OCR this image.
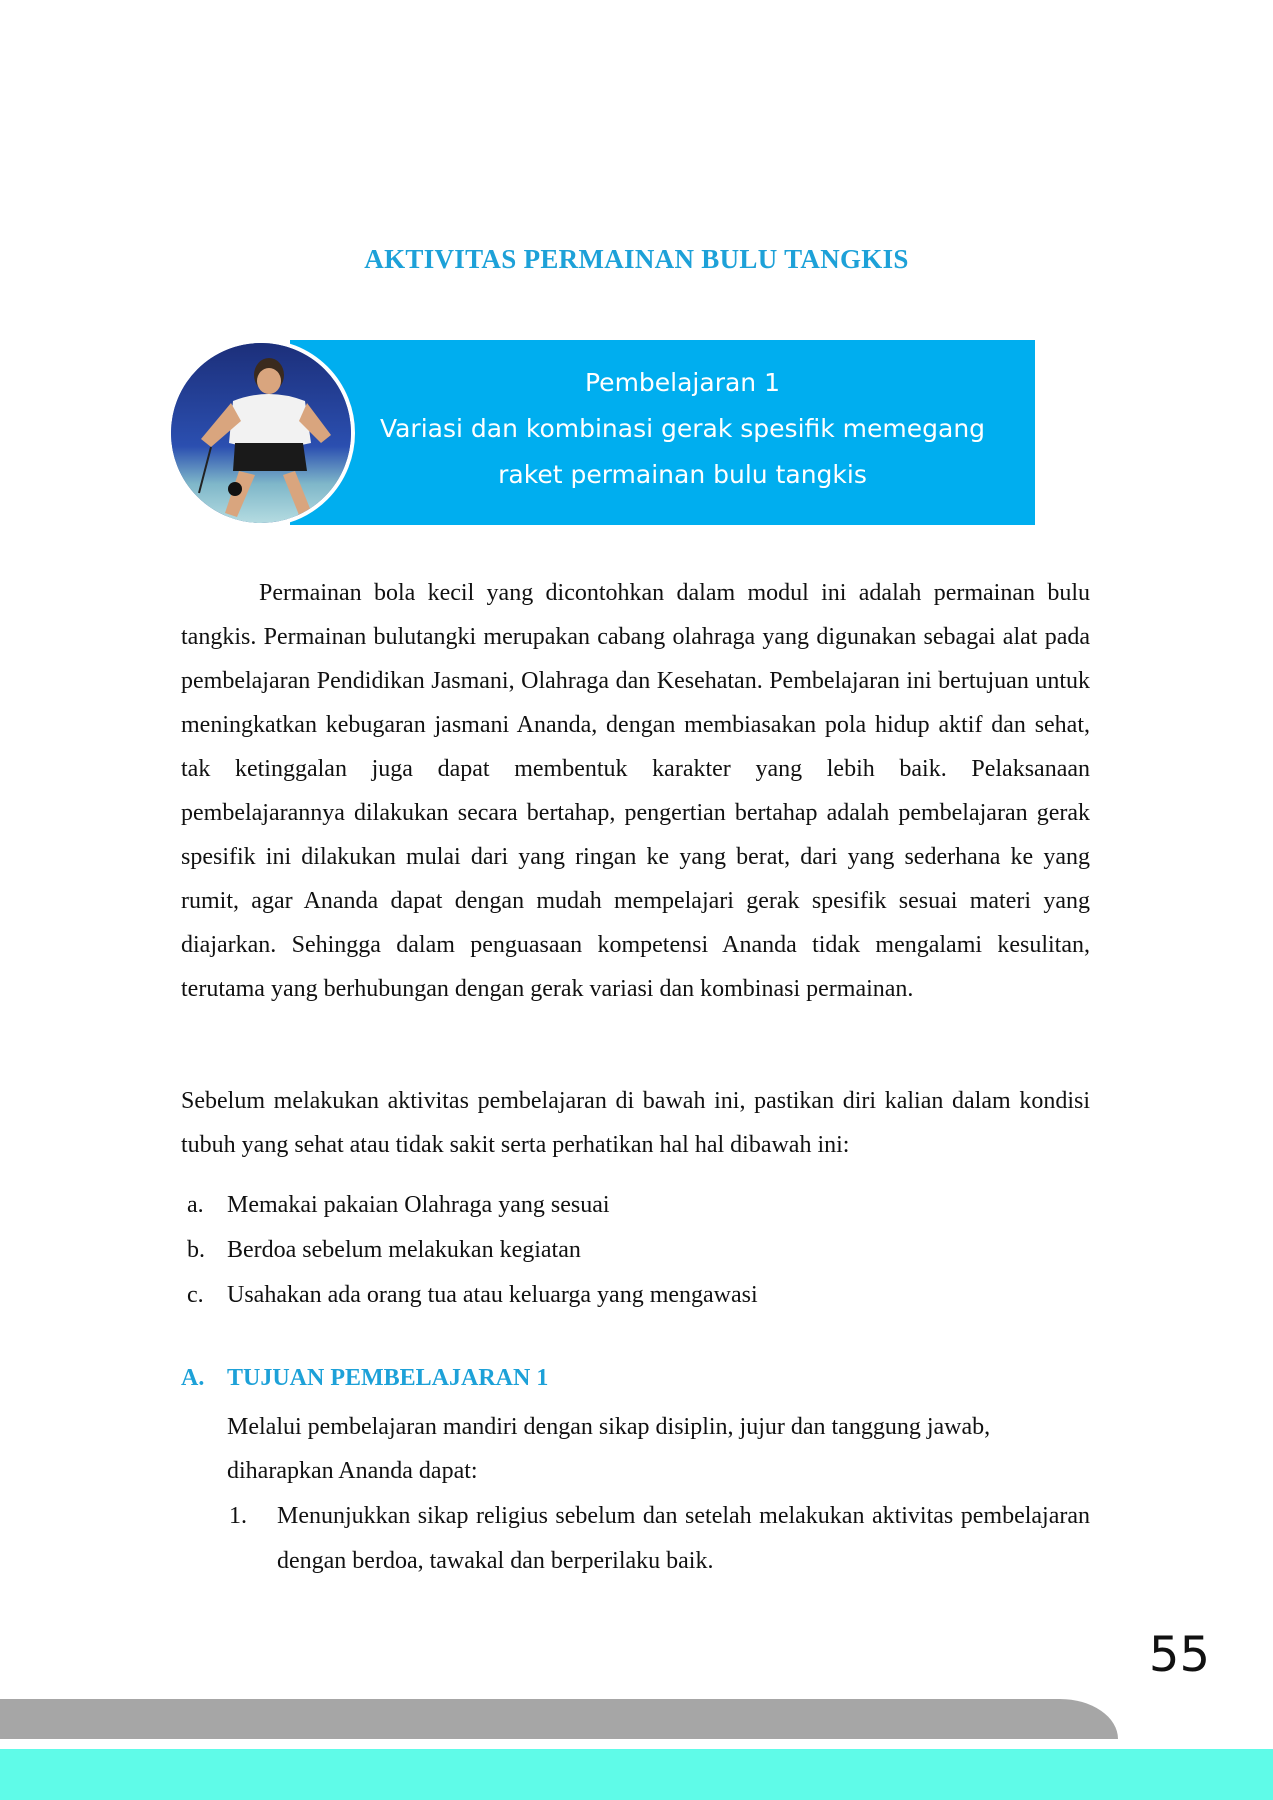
AKTIVITAS PERMAINAN BULU TANGKIS
Pembelajaran 1
Variasi dan kombinasi gerak spesifik memegang
raket permainan bulu tangkis
Permainan bola kecil yang dicontohkan dalam modul ini adalah permainan bulu tangkis. Permainan bulutangki merupakan cabang olahraga yang digunakan sebagai alat pada pembelajaran Pendidikan Jasmani, Olahraga dan Kesehatan. Pembelajaran ini bertujuan untuk meningkatkan kebugaran jasmani Ananda, dengan membiasakan pola hidup aktif dan sehat, tak ketinggalan juga dapat membentuk karakter yang lebih baik. Pelaksanaan pembelajarannya dilakukan secara bertahap, pengertian bertahap adalah pembelajaran gerak spesifik ini dilakukan mulai dari yang ringan ke yang berat, dari yang sederhana ke yang rumit, agar Ananda dapat dengan mudah mempelajari gerak spesifik sesuai materi yang diajarkan. Sehingga dalam penguasaan kompetensi Ananda tidak mengalami kesulitan, terutama yang berhubungan dengan gerak variasi dan kombinasi permainan.
Sebelum melakukan aktivitas pembelajaran di bawah ini, pastikan diri kalian dalam kondisi tubuh yang sehat atau tidak sakit serta perhatikan hal hal dibawah ini:
a. Memakai pakaian Olahraga yang sesuai
b. Berdoa sebelum melakukan kegiatan
c. Usahakan ada orang tua atau keluarga yang mengawasi
A. TUJUAN PEMBELAJARAN 1
Melalui pembelajaran mandiri dengan sikap disiplin, jujur dan tanggung jawab, diharapkan Ananda dapat:
1.	Menunjukkan sikap religius sebelum dan setelah melakukan aktivitas pembelajaran dengan berdoa, tawakal dan berperilaku baik.
55
